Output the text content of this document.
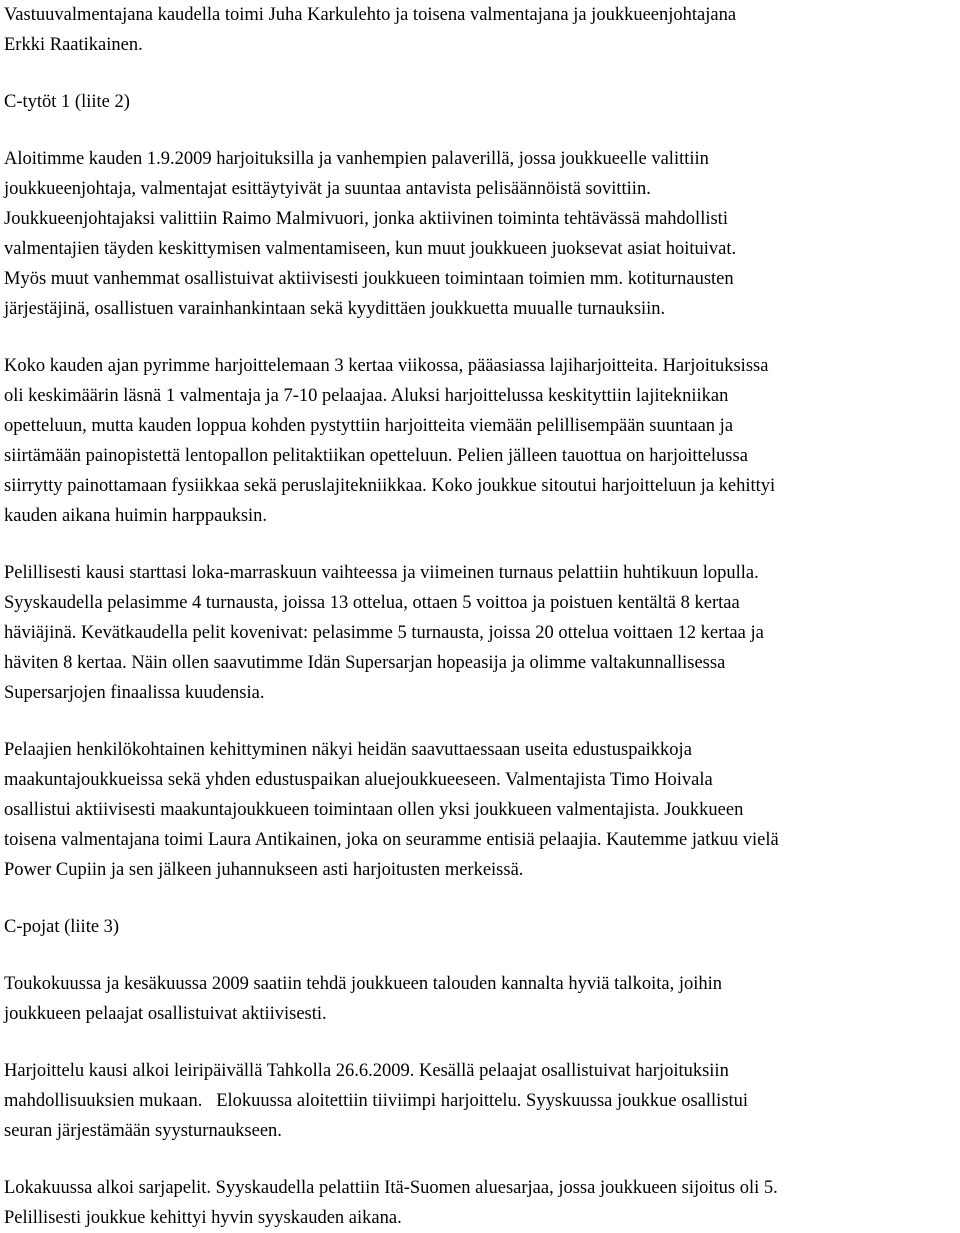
Vastuuvalmentajana kaudella toimi Juha Karkulehto ja toisena valmentajana ja joukkueenjohtajana
Erkki Raatikainen.

C-tytöt 1 (liite 2)

Aloitimme kauden 1.9.2009 harjoituksilla ja vanhempien palaverillä, jossa joukkueelle valittiin
joukkueenjohtaja, valmentajat esittäytyivät ja suuntaa antavista pelisäännöistä sovittiin.
Joukkueenjohtajaksi valittiin Raimo Malmivuori, jonka aktiivinen toiminta tehtävässä mahdollisti
valmentajien täyden keskittymisen valmentamiseen, kun muut joukkueen juoksevat asiat hoituivat.
Myös muut vanhemmat osallistuivat aktiivisesti joukkueen toimintaan toimien mm. kotiturnausten
järjestäjinä, osallistuen varainhankintaan sekä kyydittäen joukkuetta muualle turnauksiin.

Koko kauden ajan pyrimme harjoittelemaan 3 kertaa viikossa, pääasiassa lajiharjoitteita. Harjoituksissa
oli keskimäärin läsnä 1 valmentaja ja 7-10 pelaajaa. Aluksi harjoittelussa keskityttiin lajitekniikan
opetteluun, mutta kauden loppua kohden pystyttiin harjoitteita viemään pelillisempään suuntaan ja
siirtämään painopistettä lentopallon pelitaktiikan opetteluun. Pelien jälleen tauottua on harjoittelussa
siirrytty painottamaan fysiikkaa sekä peruslajitekniikkaa. Koko joukkue sitoutui harjoitteluun ja kehittyi
kauden aikana huimin harppauksin.

Pelillisesti kausi starttasi loka-marraskuun vaihteessa ja viimeinen turnaus pelattiin huhtikuun lopulla.
Syyskaudella pelasimme 4 turnausta, joissa 13 ottelua, ottaen 5 voittoa ja poistuen kentältä 8 kertaa
häviäjinä. Kevätkaudella pelit kovenivat: pelasimme 5 turnausta, joissa 20 ottelua voittaen 12 kertaa ja
häviten 8 kertaa. Näin ollen saavutimme Idän Supersarjan hopeasija ja olimme valtakunnallisessa
Supersarjojen finaalissa kuudensia.

Pelaajien henkilökohtainen kehittyminen näkyi heidän saavuttaessaan useita edustuspaikkoja
maakuntajoukkueissa sekä yhden edustuspaikan aluejoukkueeseen. Valmentajista Timo Hoivala
osallistui aktiivisesti maakuntajoukkueen toimintaan ollen yksi joukkueen valmentajista. Joukkueen
toisena valmentajana toimi Laura Antikainen, joka on seuramme entisiä pelaajia. Kautemme jatkuu vielä
Power Cupiin ja sen jälkeen juhannukseen asti harjoitusten merkeissä.

C-pojat (liite 3)

Toukokuussa ja kesäkuussa 2009 saatiin tehdä joukkueen talouden kannalta hyviä talkoita, joihin
joukkueen pelaajat osallistuivat aktiivisesti.

Harjoittelu kausi alkoi leiripäivällä Tahkolla 26.6.2009. Kesällä pelaajat osallistuivat harjoituksiin
mahdollisuuksien mukaan.   Elokuussa aloitettiin tiiviimpi harjoittelu. Syyskuussa joukkue osallistui
seuran järjestämään syysturnaukseen.

Lokakuussa alkoi sarjapelit. Syyskaudella pelattiin Itä-Suomen aluesarjaa, jossa joukkueen sijoitus oli 5.
Pelillisesti joukkue kehittyi hyvin syyskauden aikana.
